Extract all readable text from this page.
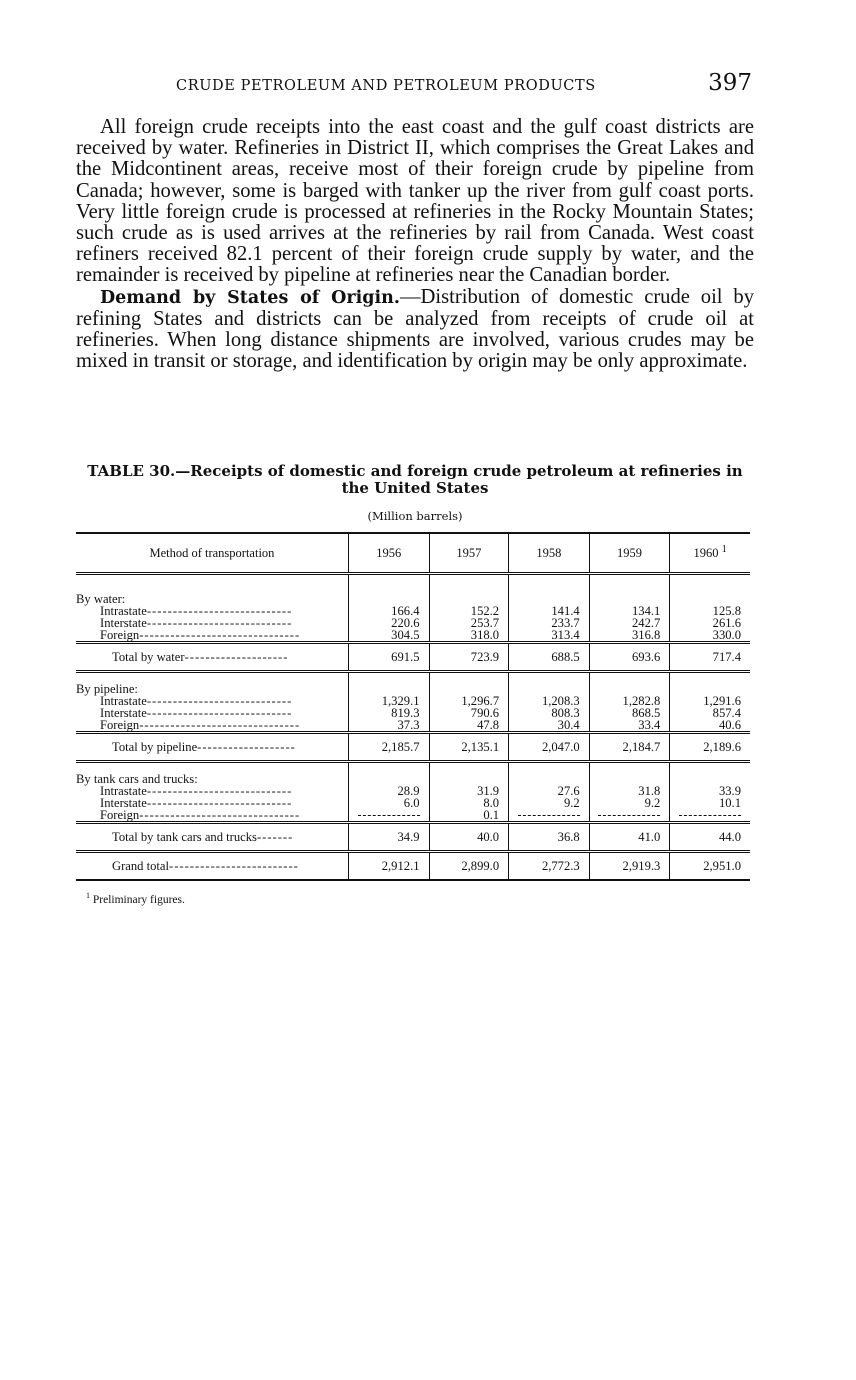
CRUDE PETROLEUM AND PETROLEUM PRODUCTS	397

All foreign crude receipts into the east coast and the gulf coast districts are received by water. Refineries in District II, which comprises the Great Lakes and the Midcontinent areas, receive most of their foreign crude by pipeline from Canada; however, some is barged with tanker up the river from gulf coast ports. Very little foreign crude is processed at refineries in the Rocky Mountain States; such crude as is used arrives at the refineries by rail from Canada. West coast refiners received 82.1 percent of their foreign crude supply by water, and the remainder is received by pipeline at refineries near the Canadian border.

Demand by States of Origin.—Distribution of domestic crude oil by refining States and districts can be analyzed from receipts of crude oil at refineries. When long distance shipments are involved, various crudes may be mixed in transit or storage, and identification by origin may be only approximate.

TABLE 30.—Receipts of domestic and foreign crude petroleum at refineries in the United States
(Million barrels)
Method of transportation	1956	1957	1958	1959	1960 $^1$
By water:					
Intrastate----------------------------	166.4	152.2	141.4	134.1	125.8
Interstate----------------------------	220.6	253.7	233.7	242.7	261.6
Foreign-------------------------------	304.5	318.0	313.4	316.8	330.0
Total by water--------------------	691.5	723.9	688.5	693.6	717.4
By pipeline:					
Intrastate----------------------------	1,329.1	1,296.7	1,208.3	1,282.8	1,291.6
Interstate----------------------------	819.3	790.6	808.3	868.5	857.4
Foreign-------------------------------	37.3	47.8	30.4	33.4	40.6
Total by pipeline-------------------	2,185.7	2,135.1	2,047.0	2,184.7	2,189.6
By tank cars and trucks:					
Intrastate----------------------------	28.9	31.9	27.6	31.8	33.9
Interstate----------------------------	6.0	8.0	9.2	9.2	10.1
Foreign-------------------------------		0.1			
Total by tank cars and trucks-------	34.9	40.0	36.8	41.0	44.0
Grand total-------------------------	2,912.1	2,899.0	2,772.3	2,919.3	2,951.0
$^1$ Preliminary figures.
